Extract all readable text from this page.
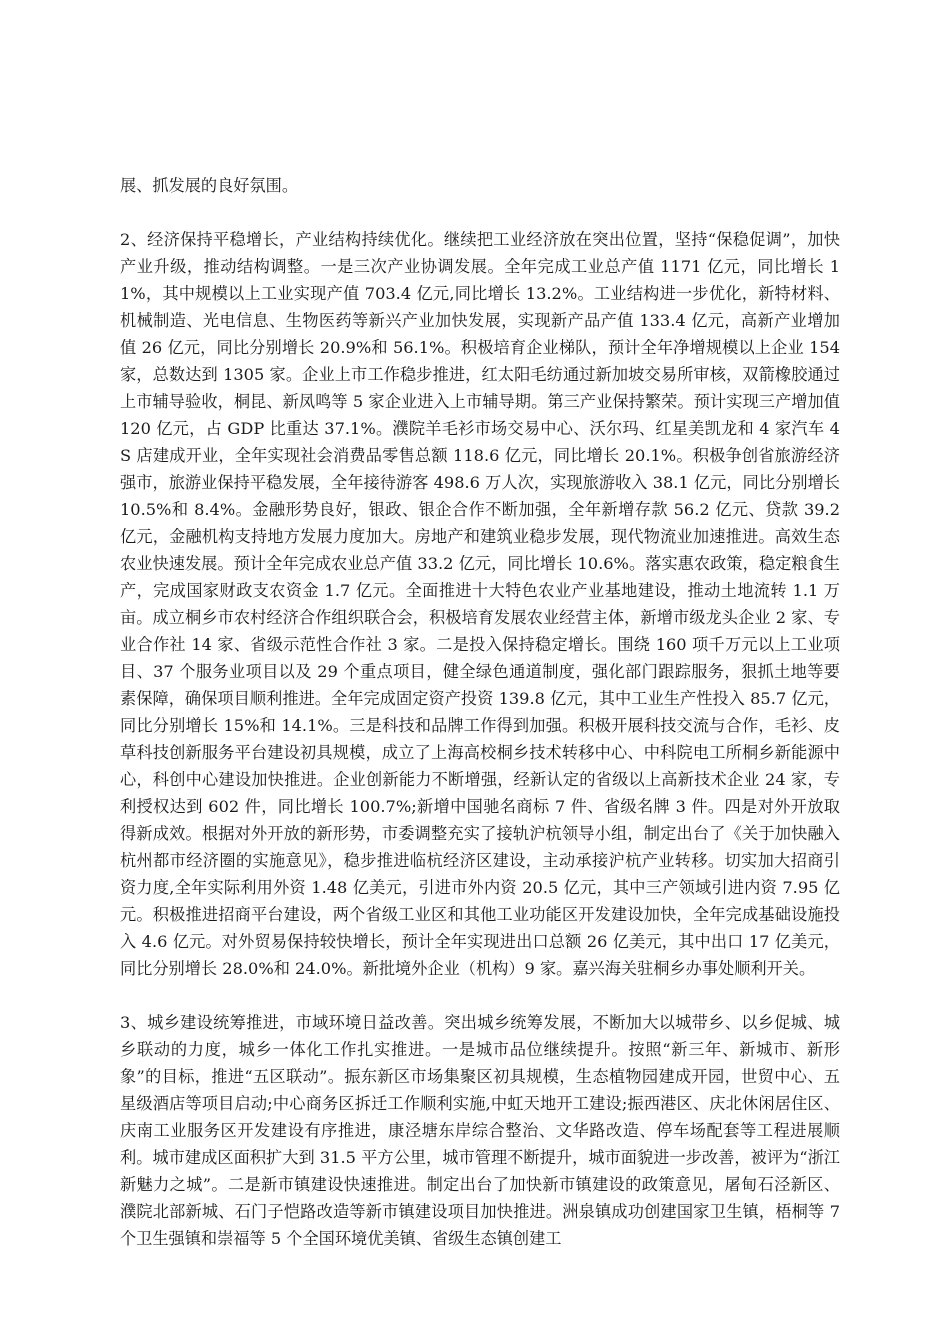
展、抓发展的良好氛围。

2、经济保持平稳增长，产业结构持续优化。继续把工业经济放在突出位置，坚持“保稳促调”，加快产业升级，推动结构调整。一是三次产业协调发展。全年完成工业总产值 1171 亿元，同比增长 11%，其中规模以上工业实现产值 703.4 亿元,同比增长 13.2%。工业结构进一步优化，新特材料、机械制造、光电信息、生物医药等新兴产业加快发展，实现新产品产值 133.4 亿元，高新产业增加值 26 亿元，同比分别增长 20.9%和 56.1%。积极培育企业梯队，预计全年净增规模以上企业 154 家，总数达到 1305 家。企业上市工作稳步推进，红太阳毛纺通过新加坡交易所审核，双箭橡胶通过上市辅导验收，桐昆、新凤鸣等 5 家企业进入上市辅导期。第三产业保持繁荣。预计实现三产增加值 120 亿元，占 GDP 比重达 37.1%。濮院羊毛衫市场交易中心、沃尔玛、红星美凯龙和 4 家汽车 4S 店建成开业，全年实现社会消费品零售总额 118.6 亿元，同比增长 20.1%。积极争创省旅游经济强市，旅游业保持平稳发展，全年接待游客 498.6 万人次，实现旅游收入 38.1 亿元，同比分别增长 10.5%和 8.4%。金融形势良好，银政、银企合作不断加强，全年新增存款 56.2 亿元、贷款 39.2 亿元，金融机构支持地方发展力度加大。房地产和建筑业稳步发展，现代物流业加速推进。高效生态农业快速发展。预计全年完成农业总产值 33.2 亿元，同比增长 10.6%。落实惠农政策，稳定粮食生产，完成国家财政支农资金 1.7 亿元。全面推进十大特色农业产业基地建设，推动土地流转 1.1 万亩。成立桐乡市农村经济合作组织联合会，积极培育发展农业经营主体，新增市级龙头企业 2 家、专业合作社 14 家、省级示范性合作社 3 家。二是投入保持稳定增长。围绕 160 项千万元以上工业项目、37 个服务业项目以及 29 个重点项目，健全绿色通道制度，强化部门跟踪服务，狠抓土地等要素保障，确保项目顺利推进。全年完成固定资产投资 139.8 亿元，其中工业生产性投入 85.7 亿元，同比分别增长 15%和 14.1%。三是科技和品牌工作得到加强。积极开展科技交流与合作，毛衫、皮草科技创新服务平台建设初具规模，成立了上海高校桐乡技术转移中心、中科院电工所桐乡新能源中心，科创中心建设加快推进。企业创新能力不断增强，经新认定的省级以上高新技术企业 24 家，专利授权达到 602 件，同比增长 100.7%;新增中国驰名商标 7 件、省级名牌 3 件。四是对外开放取得新成效。根据对外开放的新形势，市委调整充实了接轨沪杭领导小组，制定出台了《关于加快融入杭州都市经济圈的实施意见》，稳步推进临杭经济区建设，主动承接沪杭产业转移。切实加大招商引资力度,全年实际利用外资 1.48 亿美元，引进市外内资 20.5 亿元，其中三产领域引进内资 7.95 亿元。积极推进招商平台建设，两个省级工业区和其他工业功能区开发建设加快，全年完成基础设施投入 4.6 亿元。对外贸易保持较快增长，预计全年实现进出口总额 26 亿美元，其中出口 17 亿美元，同比分别增长 28.0%和 24.0%。新批境外企业（机构）9 家。嘉兴海关驻桐乡办事处顺利开关。

3、城乡建设统筹推进，市域环境日益改善。突出城乡统筹发展，不断加大以城带乡、以乡促城、城乡联动的力度，城乡一体化工作扎实推进。一是城市品位继续提升。按照“新三年、新城市、新形象”的目标，推进“五区联动”。振东新区市场集聚区初具规模，生态植物园建成开园，世贸中心、五星级酒店等项目启动;中心商务区拆迁工作顺利实施,中虹天地开工建设;振西港区、庆北休闲居住区、庆南工业服务区开发建设有序推进，康泾塘东岸综合整治、文华路改造、停车场配套等工程进展顺利。城市建成区面积扩大到 31.5 平方公里，城市管理不断提升，城市面貌进一步改善，被评为“浙江新魅力之城”。二是新市镇建设快速推进。制定出台了加快新市镇建设的政策意见，屠甸石泾新区、濮院北部新城、石门子恺路改造等新市镇建设项目加快推进。洲泉镇成功创建国家卫生镇，梧桐等 7 个卫生强镇和崇福等 5 个全国环境优美镇、省级生态镇创建工
